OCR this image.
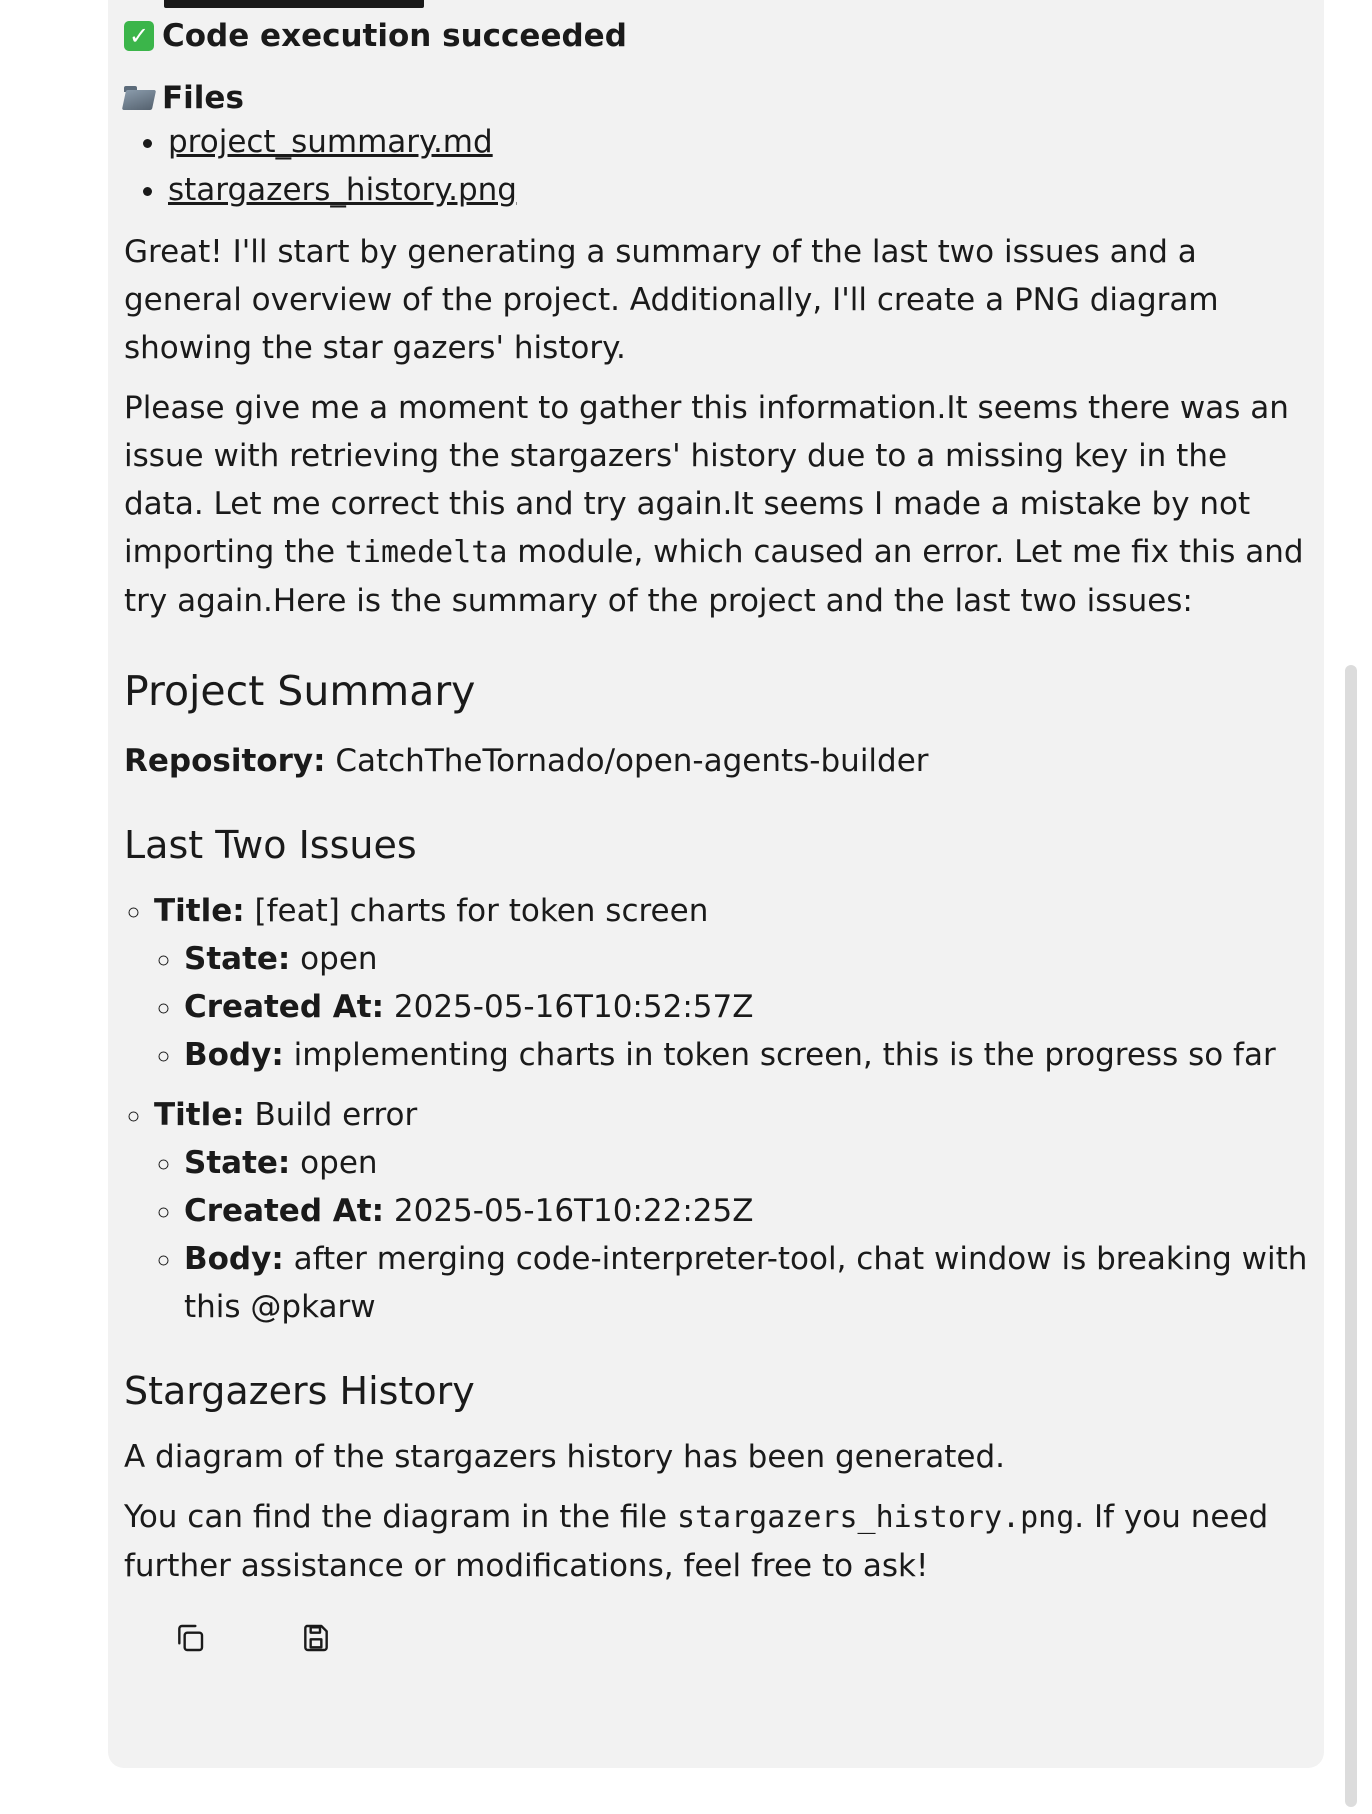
✓ Code execution succeeded
Files
• project_summary.md
• stargazers_history.png

Great! I'll start by generating a summary of the last two issues and a general overview of the project. Additionally, I'll create a PNG diagram showing the star gazers' history.

Please give me a moment to gather this information.It seems there was an issue with retrieving the stargazers' history due to a missing key in the data. Let me correct this and try again.It seems I made a mistake by not importing the timedelta module, which caused an error. Let me fix this and try again.Here is the summary of the project and the last two issues:

Project Summary

Repository: CatchTheTornado/open-agents-builder

Last Two Issues
◦ Title: [feat] charts for token screen
◦ State: open
◦ Created At: 2025-05-16T10:52:57Z
◦ Body: implementing charts in token screen, this is the progress so far
◦ Title: Build error
◦ State: open
◦ Created At: 2025-05-16T10:22:25Z
◦ Body: after merging code-interpreter-tool, chat window is breaking with this @pkarw
Stargazers History

A diagram of the stargazers history has been generated.

You can find the diagram in the file stargazers_history.png. If you need further assistance or modifications, feel free to ask!
